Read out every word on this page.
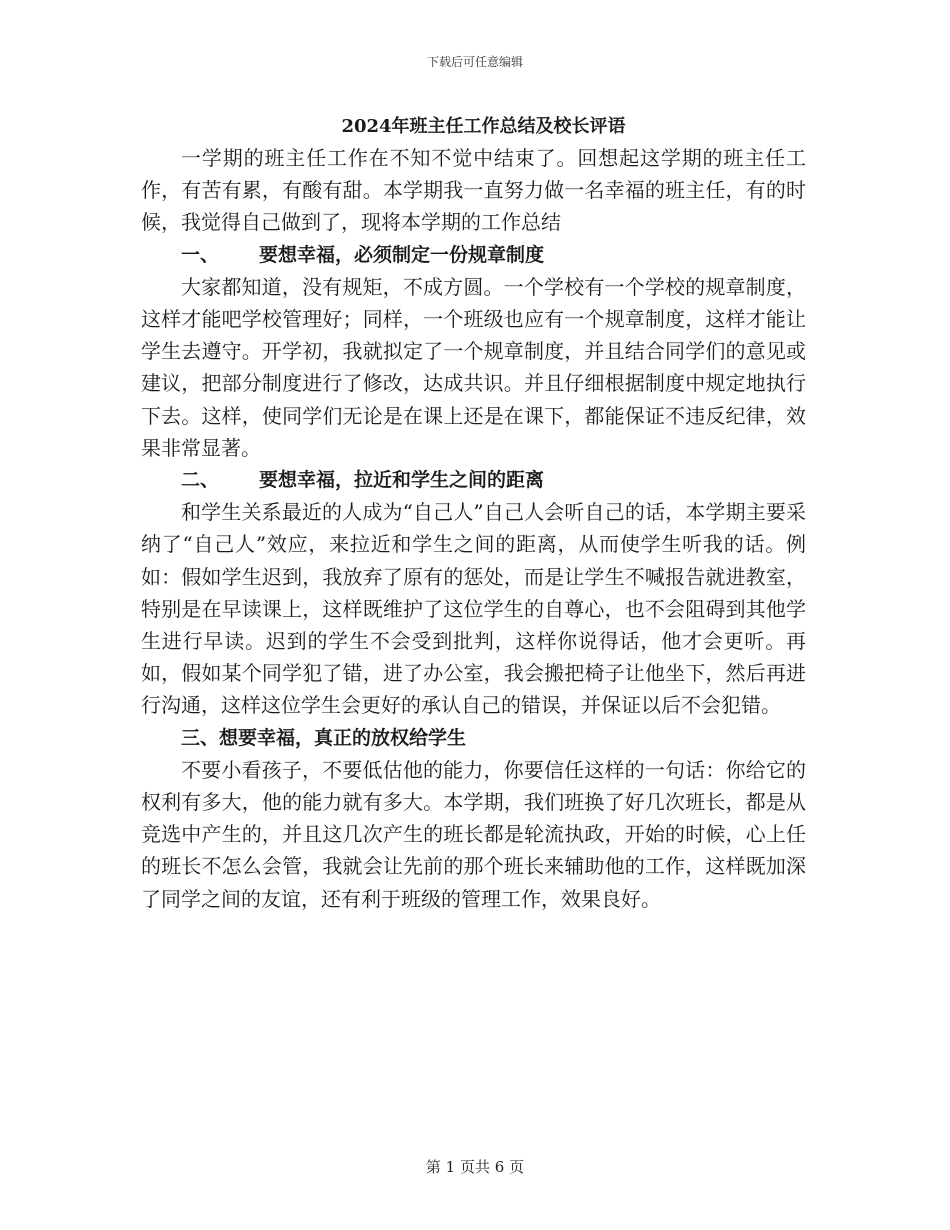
下载后可任意编辑
2024年班主任工作总结及校长评语

一学期的班主任工作在不知不觉中结束了。回想起这学期的班主任工作，有苦有累，有酸有甜。本学期我一直努力做一名幸福的班主任，有的时候，我觉得自己做到了，现将本学期的工作总结

一、 要想幸福，必须制定一份规章制度

大家都知道，没有规矩，不成方圆。一个学校有一个学校的规章制度，这样才能吧学校管理好；同样，一个班级也应有一个规章制度，这样才能让学生去遵守。开学初，我就拟定了一个规章制度，并且结合同学们的意见或建议，把部分制度进行了修改，达成共识。并且仔细根据制度中规定地执行下去。这样，使同学们无论是在课上还是在课下，都能保证不违反纪律，效果非常显著。

二、 要想幸福，拉近和学生之间的距离

和学生关系最近的人成为“自己人”自己人会听自己的话，本学期主要采纳了“自己人”效应，来拉近和学生之间的距离，从而使学生听我的话。例如：假如学生迟到，我放弃了原有的惩处，而是让学生不喊报告就进教室，特别是在早读课上，这样既维护了这位学生的自尊心，也不会阻碍到其他学生进行早读。迟到的学生不会受到批判，这样你说得话，他才会更听。再如，假如某个同学犯了错，进了办公室，我会搬把椅子让他坐下，然后再进行沟通，这样这位学生会更好的承认自己的错误，并保证以后不会犯错。

三、想要幸福，真正的放权给学生

不要小看孩子，不要低估他的能力，你要信任这样的一句话：你给它的权利有多大，他的能力就有多大。本学期，我们班换了好几次班长，都是从竞选中产生的，并且这几次产生的班长都是轮流执政，开始的时候，心上任的班长不怎么会管，我就会让先前的那个班长来辅助他的工作，这样既加深了同学之间的友谊，还有利于班级的管理工作，效果良好。

第 1 页共 6 页
